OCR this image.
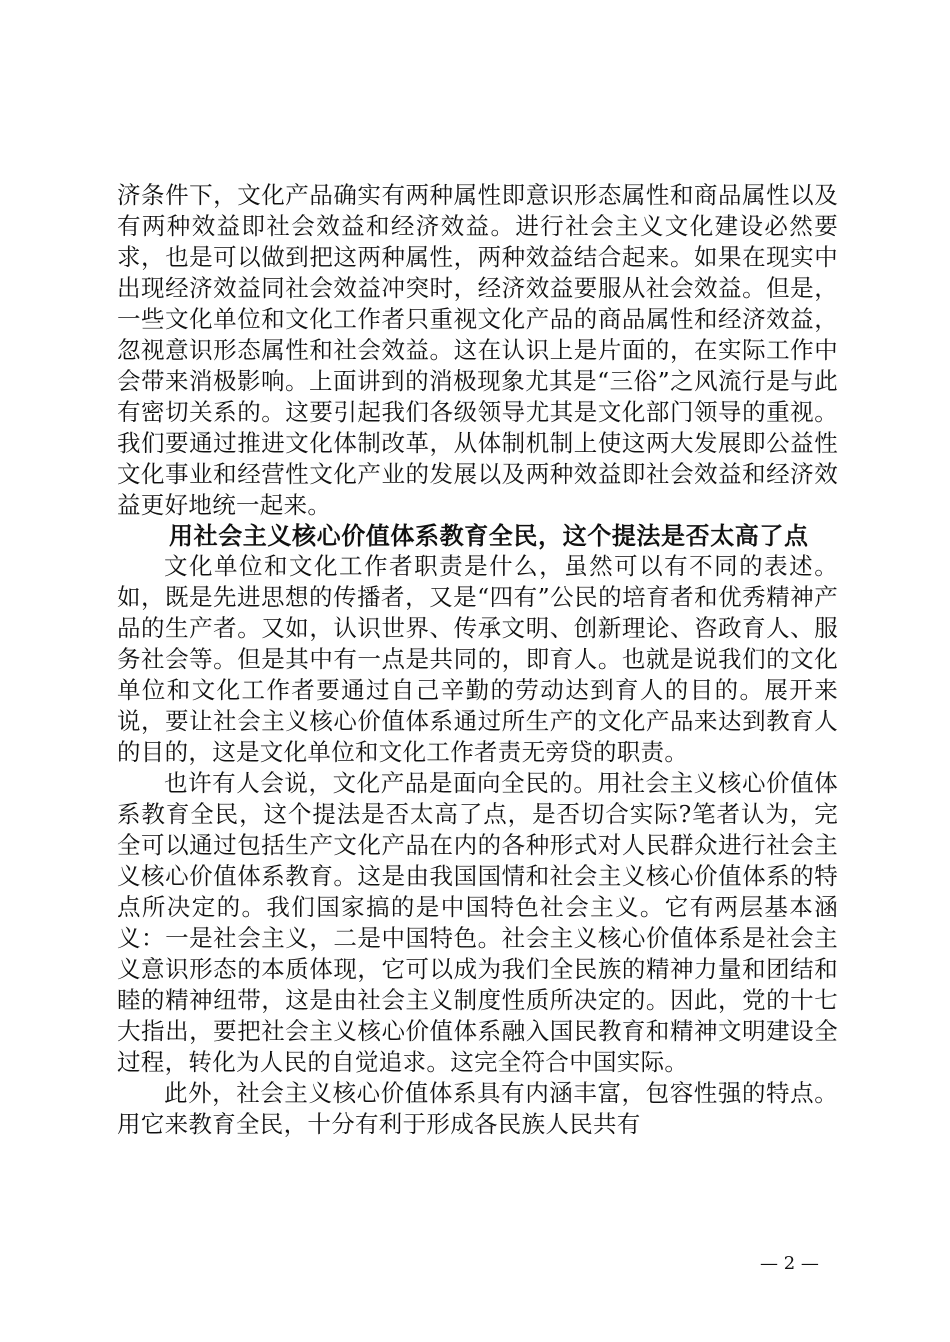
济条件下，文化产品确实有两种属性即意识形态属性和商品属性以及有两种效益即社会效益和经济效益。进行社会主义文化建设必然要求，也是可以做到把这两种属性，两种效益结合起来。如果在现实中出现经济效益同社会效益冲突时，经济效益要服从社会效益。但是，一些文化单位和文化工作者只重视文化产品的商品属性和经济效益，忽视意识形态属性和社会效益。这在认识上是片面的，在实际工作中会带来消极影响。上面讲到的消极现象尤其是“三俗”之风流行是与此有密切关系的。这要引起我们各级领导尤其是文化部门领导的重视。我们要通过推进文化体制改革，从体制机制上使这两大发展即公益性文化事业和经营性文化产业的发展以及两种效益即社会效益和经济效益更好地统一起来。

用社会主义核心价值体系教育全民，这个提法是否太高了点

文化单位和文化工作者职责是什么，虽然可以有不同的表述。如，既是先进思想的传播者，又是“四有”公民的培育者和优秀精神产品的生产者。又如，认识世界、传承文明、创新理论、咨政育人、服务社会等。但是其中有一点是共同的，即育人。也就是说我们的文化单位和文化工作者要通过自己辛勤的劳动达到育人的目的。展开来说，要让社会主义核心价值体系通过所生产的文化产品来达到教育人的目的，这是文化单位和文化工作者责无旁贷的职责。

也许有人会说，文化产品是面向全民的。用社会主义核心价值体系教育全民，这个提法是否太高了点，是否切合实际?笔者认为，完全可以通过包括生产文化产品在内的各种形式对人民群众进行社会主义核心价值体系教育。这是由我国国情和社会主义核心价值体系的特点所决定的。我们国家搞的是中国特色社会主义。它有两层基本涵义：一是社会主义，二是中国特色。社会主义核心价值体系是社会主义意识形态的本质体现，它可以成为我们全民族的精神力量和团结和睦的精神纽带，这是由社会主义制度性质所决定的。因此，党的十七大指出，要把社会主义核心价值体系融入国民教育和精神文明建设全过程，转化为人民的自觉追求。这完全符合中国实际。

此外，社会主义核心价值体系具有内涵丰富，包容性强的特点。用它来教育全民，十分有利于形成各民族人民共有

— 2 —
